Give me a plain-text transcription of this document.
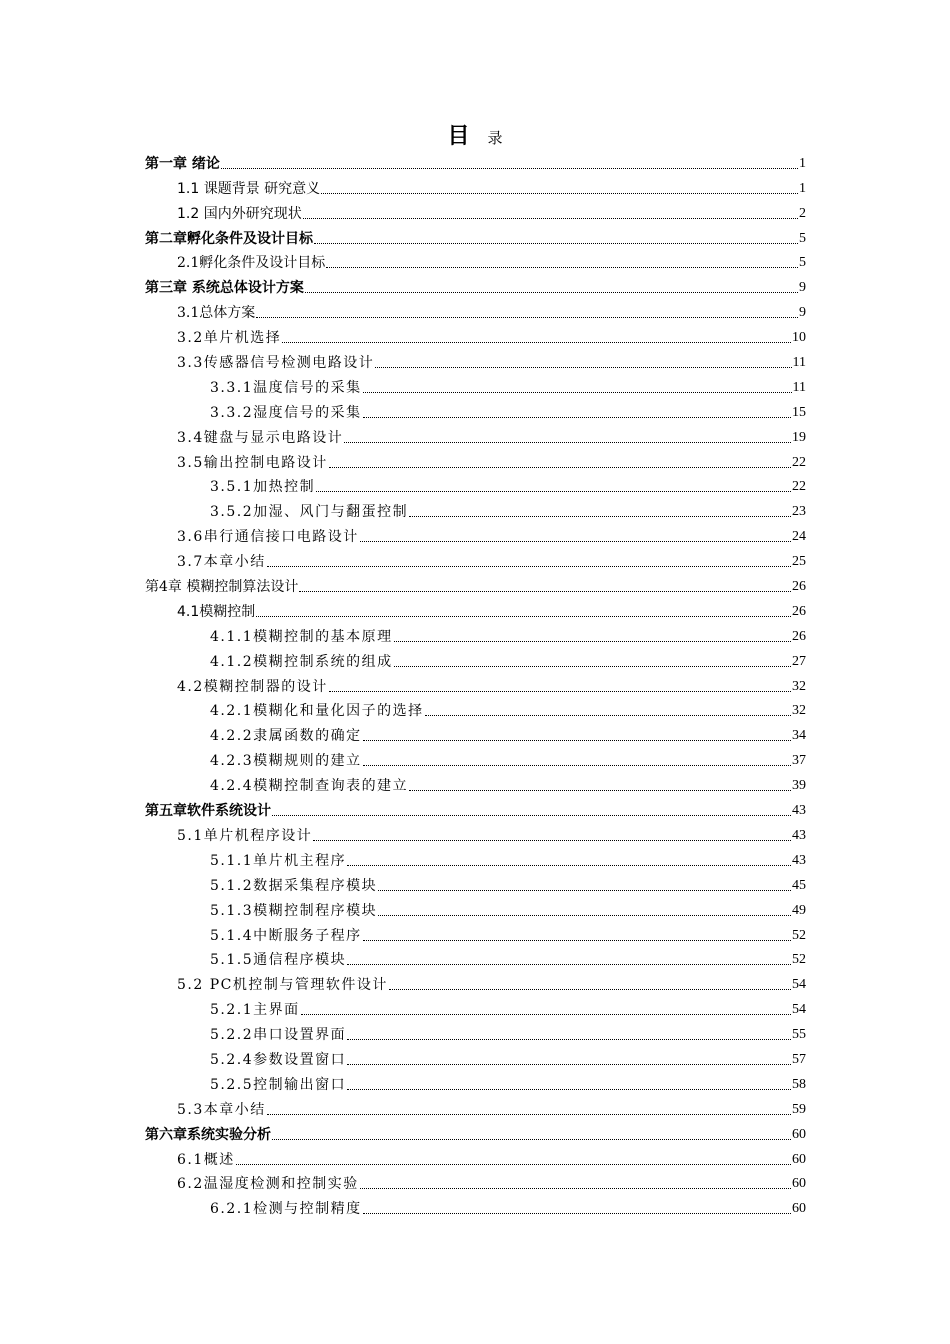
目 录
第一章 绪论	1
1.1 课题背景 研究意义	1
1.2 国内外研究现状	2
第二章孵化条件及设计目标	5
2.1孵化条件及设计目标	5
第三章 系统总体设计方案	9
3.1总体方案	9
3.2单片机选择	10
3.3传感器信号检测电路设计	11
3.3.1温度信号的采集	11
3.3.2湿度信号的采集	15
3.4键盘与显示电路设计	19
3.5输出控制电路设计	22
3.5.1加热控制	22
3.5.2加湿、风门与翻蛋控制	23
3.6串行通信接口电路设计	24
3.7本章小结	25
第4章 模糊控制算法设计	26
4.1模糊控制	26
4.1.1模糊控制的基本原理	26
4.1.2模糊控制系统的组成	27
4.2模糊控制器的设计	32
4.2.1模糊化和量化因子的选择	32
4.2.2隶属函数的确定	34
4.2.3模糊规则的建立	37
4.2.4模糊控制查询表的建立	39
第五章软件系统设计	43
5.1单片机程序设计	43
5.1.1单片机主程序	43
5.1.2数据采集程序模块	45
5.1.3模糊控制程序模块	49
5.1.4中断服务子程序	52
5.1.5通信程序模块	52
5.2 PC机控制与管理软件设计	54
5.2.1主界面	54
5.2.2串口设置界面	55
5.2.4参数设置窗口	57
5.2.5控制输出窗口	58
5.3本章小结	59
第六章系统实验分析	60
6.1概述	60
6.2温湿度检测和控制实验	60
6.2.1检测与控制精度	60
